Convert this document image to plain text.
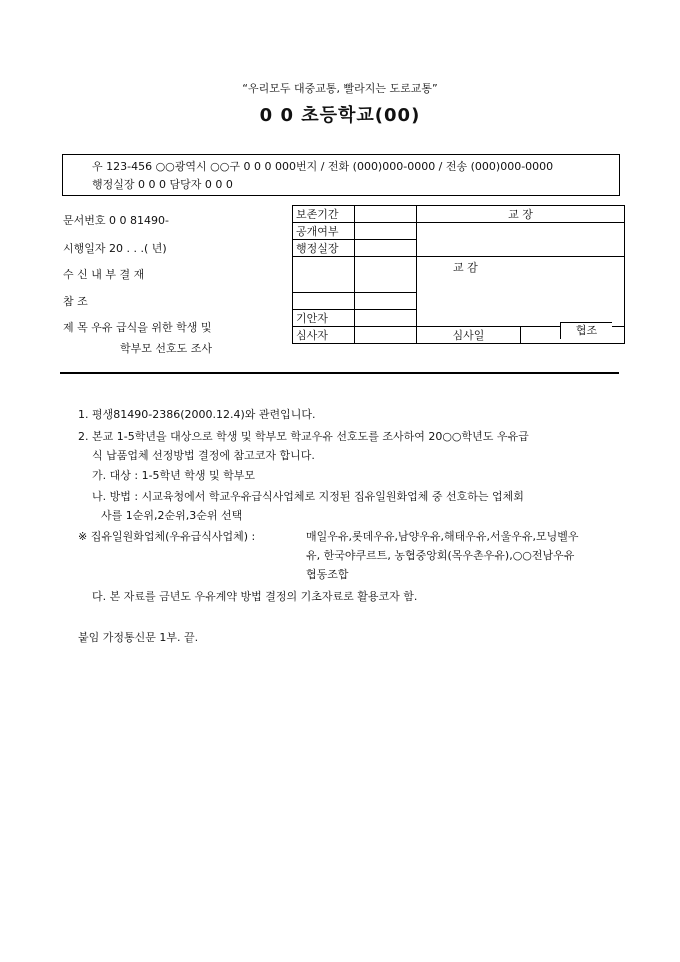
“우리모두 대중교통, 빨라지는 도로교통”
0 0 초등학교(00)
우 123-456 ○○광역시 ○○구 0 0 0 000번지 / 전화 (000)000-0000 / 전송 (000)000-0000
행정실장 0 0 0 담당자 0 0 0
문서번호 0 0 81490-
시행일자 20 . . .( 년)
수 신 내 부 결 재
참 조
제 목 우유 급식을 위한 학생 및
학부모 선호도 조사
보존기간		교 장	
공개여부			
행정실장			
		교 감	

기안자			
심사자		심사일		협조
1. 평생81490-2386(2000.12.4)와 관련입니다.
2. 본교 1-5학년을 대상으로 학생 및 학부모 학교우유 선호도를 조사하여 20○○학년도 우유급
식 납품업체 선정방법 결정에 참고코자 합니다.
가. 대상 : 1-5학년 학생 및 학부모
나. 방법 : 시교육청에서 학교우유급식사업체로 지정된 집유일원화업체 중 선호하는 업체회
사를 1순위,2순위,3순위 선택
※ 집유일원화업체(우유급식사업체) :	매일우유,롯데우유,남양우유,해태우유,서울우유,모닝벨우
유, 한국야쿠르트, 농협중앙회(목우촌우유),○○전남우유
협동조합
다. 본 자료를 금년도 우유계약 방법 결정의 기초자료로 활용코자 함.
붙임 가정통신문 1부. 끝.
